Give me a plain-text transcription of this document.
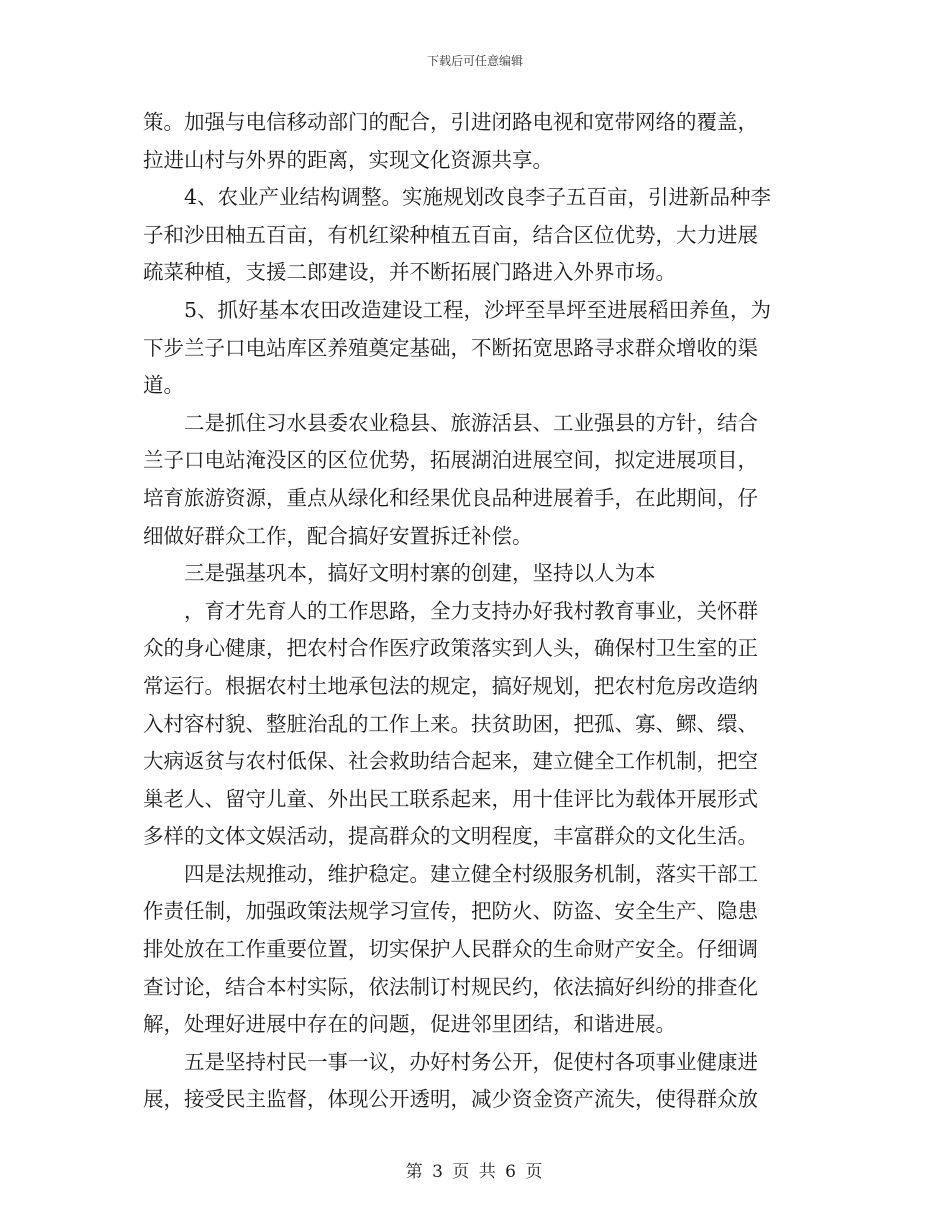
下载后可任意编辑

策。加强与电信移动部门的配合，引进闭路电视和宽带网络的覆盖，
拉进山村与外界的距离，实现文化资源共享。

4、农业产业结构调整。实施规划改良李子五百亩，引进新品种李
子和沙田柚五百亩，有机红梁种植五百亩，结合区位优势，大力进展
疏菜种植，支援二郎建设，并不断拓展门路进入外界市场。

5、抓好基本农田改造建设工程，沙坪至旱坪至进展稻田养鱼，为
下步兰子口电站库区养殖奠定基础，不断拓宽思路寻求群众增收的渠
道。

二是抓住习水县委农业稳县、旅游活县、工业强县的方针，结合
兰子口电站淹没区的区位优势，拓展湖泊进展空间，拟定进展项目，
培育旅游资源，重点从绿化和经果优良品种进展着手，在此期间，仔
细做好群众工作，配合搞好安置拆迁补偿。

三是强基巩本，搞好文明村寨的创建，坚持以人为本

，育才先育人的工作思路，全力支持办好我村教育事业，关怀群
众的身心健康，把农村合作医疗政策落实到人头，确保村卫生室的正
常运行。根据农村土地承包法的规定，搞好规划，把农村危房改造纳
入村容村貌、整脏治乱的工作上来。扶贫助困，把孤、寡、鳏、缳、
大病返贫与农村低保、社会救助结合起来，建立健全工作机制，把空
巢老人、留守儿童、外出民工联系起来，用十佳评比为载体开展形式
多样的文体文娱活动，提高群众的文明程度，丰富群众的文化生活。

四是法规推动，维护稳定。建立健全村级服务机制，落实干部工
作责任制，加强政策法规学习宣传，把防火、防盗、安全生产、隐患
排处放在工作重要位置，切实保护人民群众的生命财产安全。仔细调
查讨论，结合本村实际，依法制订村规民约，依法搞好纠纷的排查化
解，处理好进展中存在的问题，促进邻里团结，和谐进展。

五是坚持村民一事一议，办好村务公开，促使村各项事业健康进
展，接受民主监督，体现公开透明，减少资金资产流失，使得群众放

第 3 页 共 6 页
